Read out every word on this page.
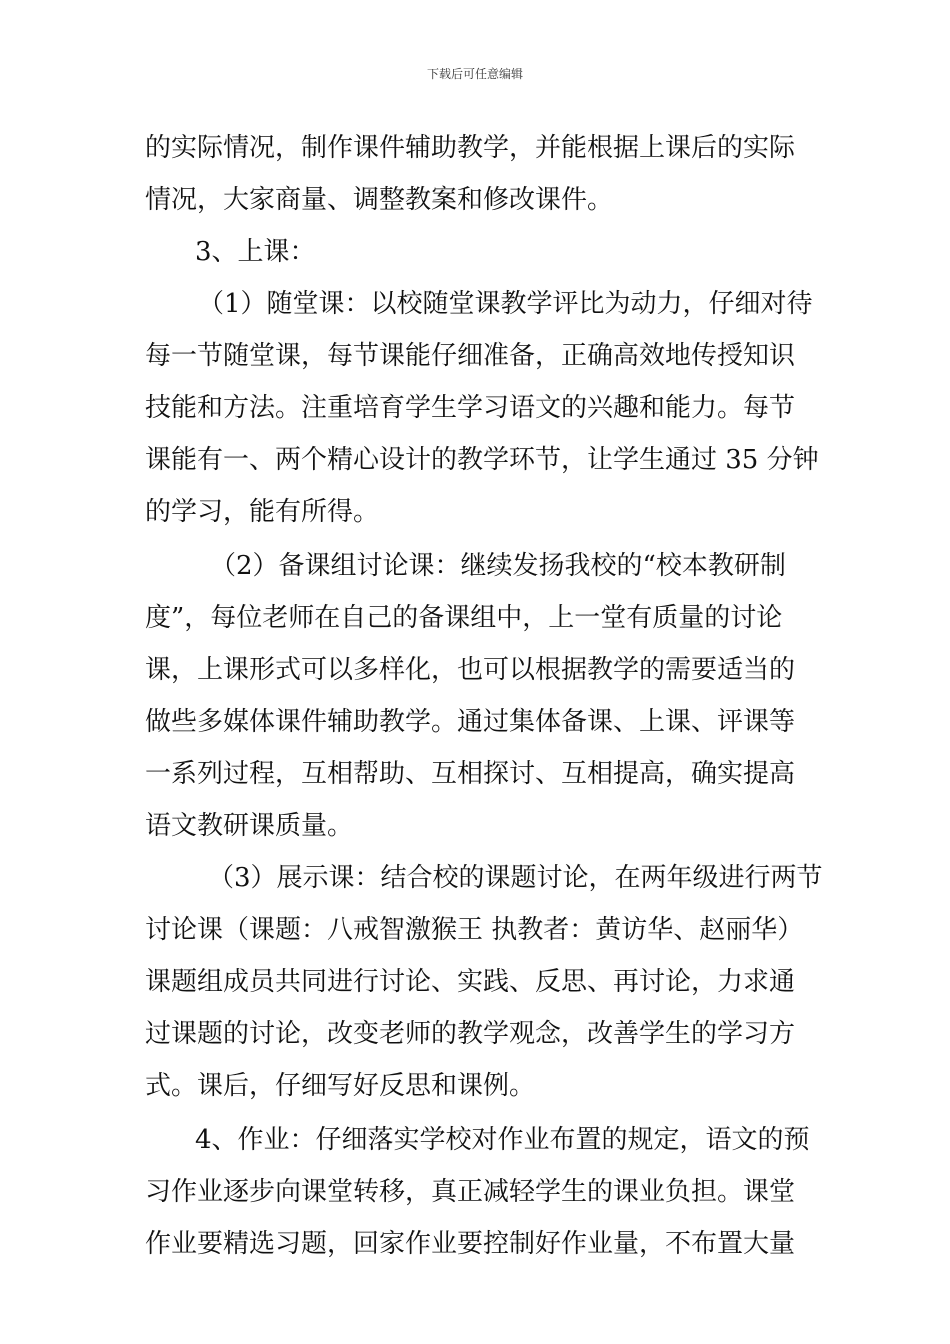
下载后可任意编辑
的实际情况，制作课件辅助教学，并能根据上课后的实际
情况，大家商量、调整教案和修改课件。
3、上课：
（1）随堂课：以校随堂课教学评比为动力，仔细对待
每一节随堂课，每节课能仔细准备，正确高效地传授知识
技能和方法。注重培育学生学习语文的兴趣和能力。每节
课能有一、两个精心设计的教学环节，让学生通过 35 分钟
的学习，能有所得。
（2）备课组讨论课：继续发扬我校的“校本教研制
度”，每位老师在自己的备课组中，上一堂有质量的讨论
课，上课形式可以多样化，也可以根据教学的需要适当的
做些多媒体课件辅助教学。通过集体备课、上课、评课等
一系列过程，互相帮助、互相探讨、互相提高，确实提高
语文教研课质量。
（3）展示课：结合校的课题讨论，在两年级进行两节
讨论课（课题：八戒智激猴王 执教者：黄访华、赵丽华）
课题组成员共同进行讨论、实践、反思、再讨论，力求通
过课题的讨论，改变老师的教学观念，改善学生的学习方
式。课后，仔细写好反思和课例。
4、作业：仔细落实学校对作业布置的规定，语文的预
习作业逐步向课堂转移，真正减轻学生的课业负担。课堂
作业要精选习题，回家作业要控制好作业量，不布置大量
